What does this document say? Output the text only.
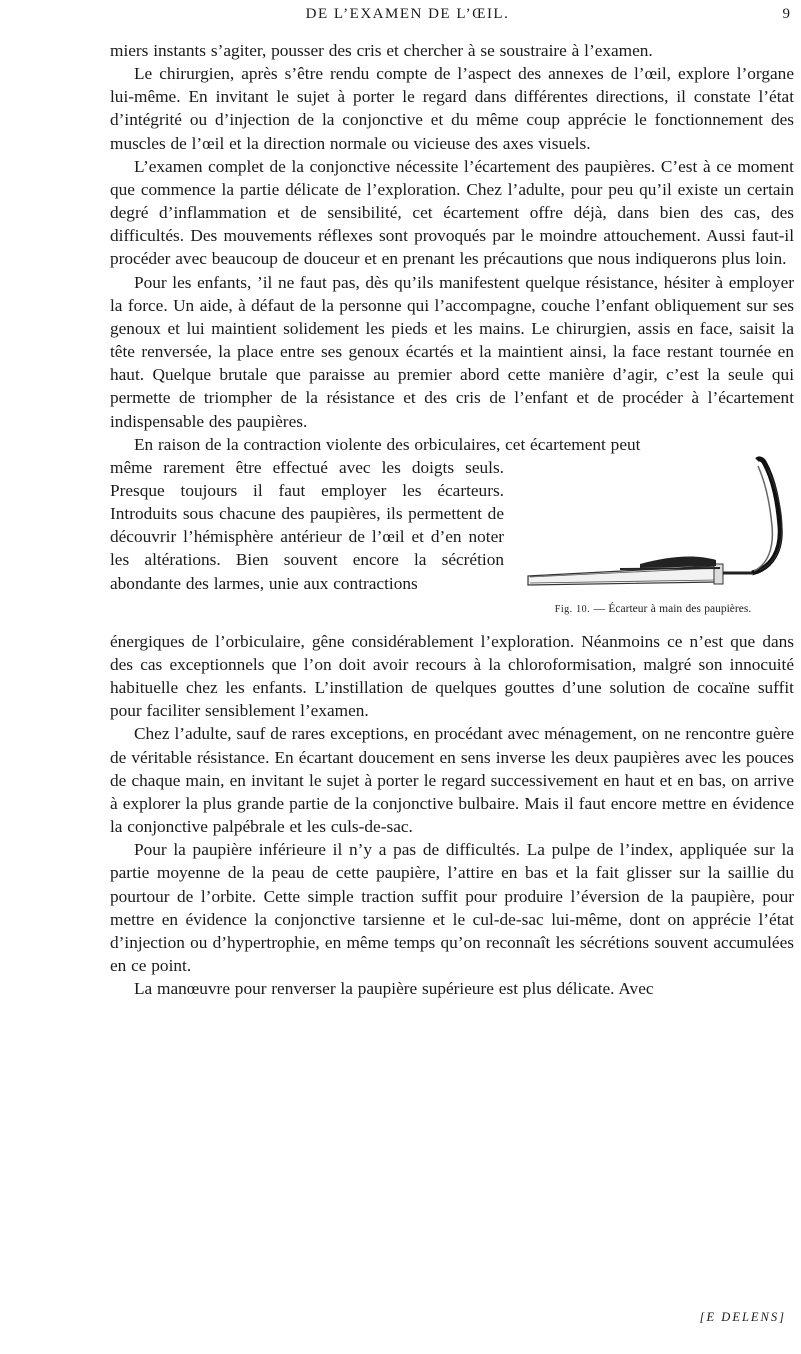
DE L’EXAMEN DE L’ŒIL.	9

miers instants s’agiter, pousser des cris et chercher à se soustraire à l’examen.

Le chirurgien, après s’être rendu compte de l’aspect des annexes de l’œil, explore l’organe lui-même. En invitant le sujet à porter le regard dans différentes directions, il constate l’état d’intégrité ou d’injection de la conjonctive et du même coup apprécie le fonctionnement des muscles de l’œil et la direction normale ou vicieuse des axes visuels.

L’examen complet de la conjonctive nécessite l’écartement des paupières. C’est à ce moment que commence la partie délicate de l’exploration. Chez l’adulte, pour peu qu’il existe un certain degré d’inflammation et de sensibilité, cet écartement offre déjà, dans bien des cas, des difficultés. Des mouvements réflexes sont provoqués par le moindre attouchement. Aussi faut-il procéder avec beaucoup de douceur et en prenant les précautions que nous indiquerons plus loin.

Pour les enfants, ’il ne faut pas, dès qu’ils manifestent quelque résistance, hésiter à employer la force. Un aide, à défaut de la personne qui l’accompagne, couche l’enfant obliquement sur ses genoux et lui maintient solidement les pieds et les mains. Le chirurgien, assis en face, saisit la tête renversée, la place entre ses genoux écartés et la maintient ainsi, la face restant tournée en haut. Quelque brutale que paraisse au premier abord cette manière d’agir, c’est la seule qui permette de triompher de la résistance et des cris de l’enfant et de procéder à l’écartement indispensable des paupières.

En raison de la contraction violente des orbiculaires, cet écartement peut

Fig. 10. — Écarteur à main des paupières.

même rarement être effectué avec les doigts seuls. Presque toujours il faut employer les écarteurs. Introduits sous chacune des paupières, ils permettent de découvrir l’hémisphère antérieur de l’œil et d’en noter les altérations. Bien souvent encore la sécrétion abondante des larmes, unie aux contractions

énergiques de l’orbiculaire, gêne considérablement l’exploration. Néanmoins ce n’est que dans des cas exceptionnels que l’on doit avoir recours à la chloroformisation, malgré son innocuité habituelle chez les enfants. L’instillation de quelques gouttes d’une solution de cocaïne suffit pour faciliter sensiblement l’examen.

Chez l’adulte, sauf de rares exceptions, en procédant avec ménagement, on ne rencontre guère de véritable résistance. En écartant doucement en sens inverse les deux paupières avec les pouces de chaque main, en invitant le sujet à porter le regard successivement en haut et en bas, on arrive à explorer la plus grande partie de la conjonctive bulbaire. Mais il faut encore mettre en évidence la conjonctive palpébrale et les culs-de-sac.

Pour la paupière inférieure il n’y a pas de difficultés. La pulpe de l’index, appliquée sur la partie moyenne de la peau de cette paupière, l’attire en bas et la fait glisser sur la saillie du pourtour de l’orbite. Cette simple traction suffit pour produire l’éversion de la paupière, pour mettre en évidence la conjonctive tarsienne et le cul-de-sac lui-même, dont on apprécie l’état d’injection ou d’hypertrophie, en même temps qu’on reconnaît les sécrétions souvent accumulées en ce point.

La manœuvre pour renverser la paupière supérieure est plus délicate. Avec

[E DELENS]
